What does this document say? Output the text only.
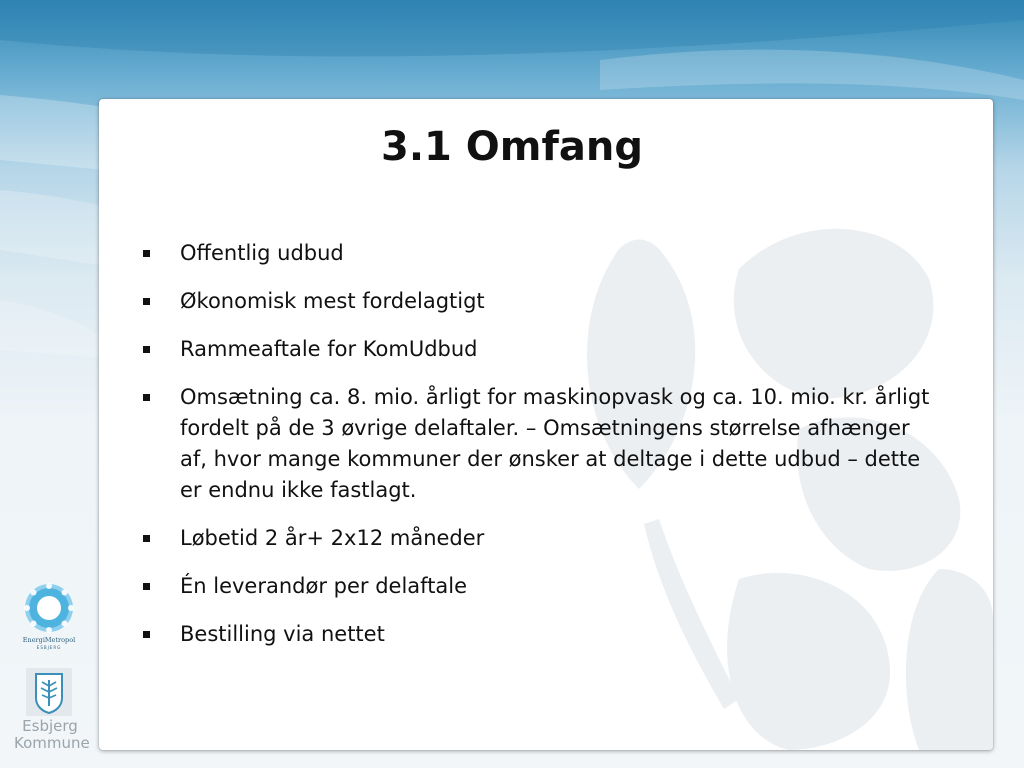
3.1 Omfang
Offentlig udbud
Økonomisk mest fordelagtigt
Rammeaftale for KomUdbud
Omsætning ca. 8. mio. årligt for maskinopvask og ca. 10. mio. kr. årligt fordelt på de 3 øvrige delaftaler. – Omsætningens størrelse afhænger af, hvor mange kommuner der ønsker at deltage i dette udbud – dette er endnu ikke fastlagt.
Løbetid 2 år+ 2x12 måneder
Én leverandør per delaftale
Bestilling via nettet
EnergiMetropol
ESBJERG
Esbjerg
Kommune
